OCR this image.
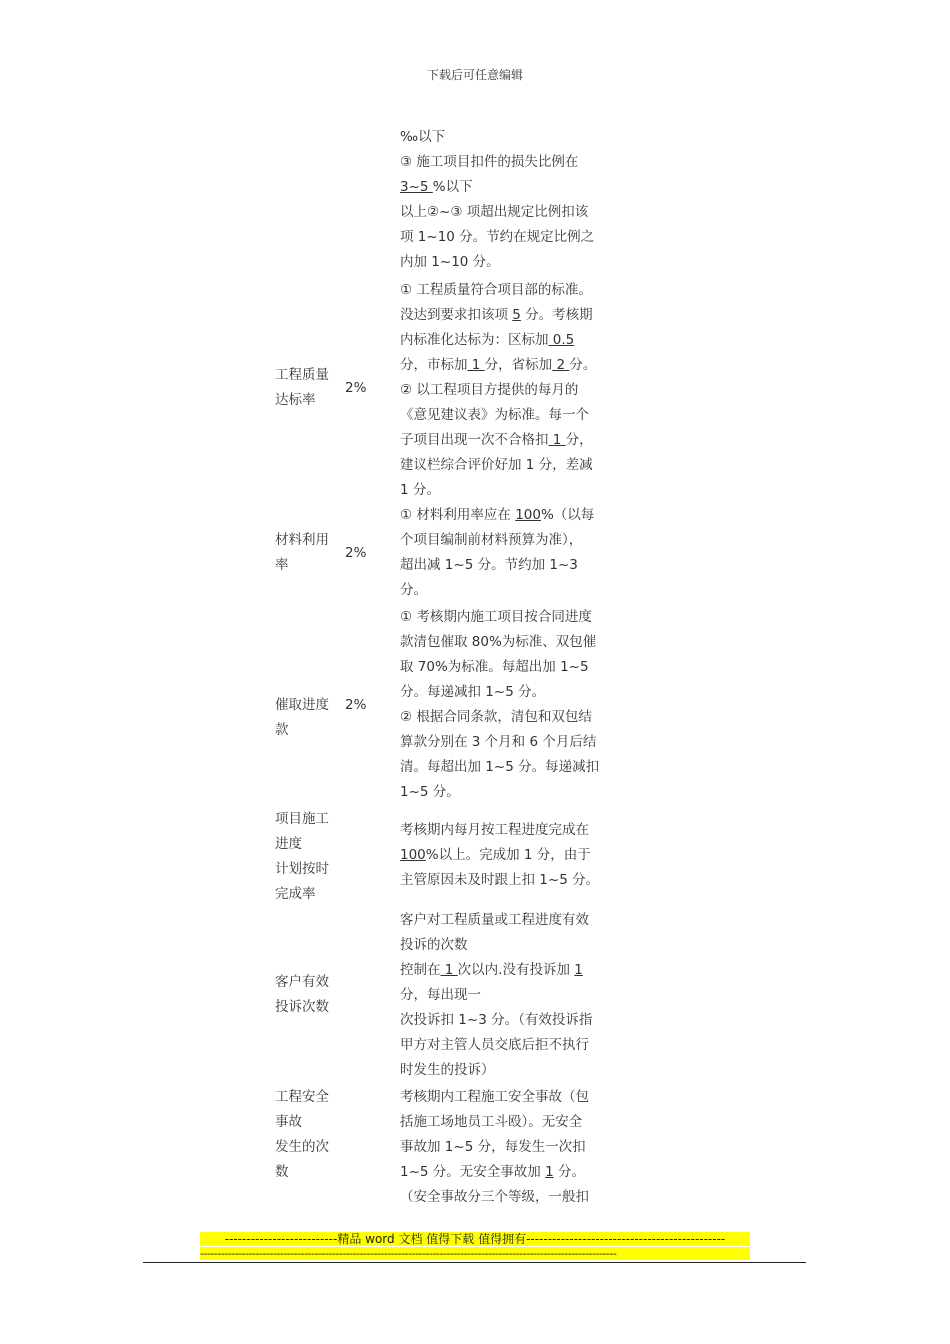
下载后可任意编辑
‰以下
③ 施工项目扣件的损失比例在
3~5 %以下
以上②~③ 项超出规定比例扣该
项 1~10 分。节约在规定比例之
内加 1~10 分。
工程质量
达标率
2%
① 工程质量符合项目部的标准。
没达到要求扣该项 5 分。考核期
内标准化达标为：区标加 0.5
分，市标加 1 分，省标加 2 分。
② 以工程项目方提供的每月的
《意见建议表》为标准。每一个
子项目出现一次不合格扣 1 分，
建议栏综合评价好加 1 分，差减
1 分。
材料利用
率
2%
① 材料利用率应在 100%（以每
个项目编制前材料预算为准），
超出减 1~5 分。节约加 1~3
分。
催取进度
款
2%
① 考核期内施工项目按合同进度
款清包催取 80%为标准、双包催
取 70%为标准。每超出加 1~5
分。每递减扣 1~5 分。
② 根据合同条款，清包和双包结
算款分别在 3 个月和 6 个月后结
清。每超出加 1~5 分。每递减扣
1~5 分。
项目施工
进度
计划按时
完成率
考核期内每月按工程进度完成在
100%以上。完成加 1 分，由于
主管原因未及时跟上扣 1~5 分。
客户有效
投诉次数
客户对工程质量或工程进度有效
投诉的次数
控制在 1 次以内.没有投诉加 1
分，每出现一
次投诉扣 1~3 分。（有效投诉指
甲方对主管人员交底后拒不执行
时发生的投诉）
工程安全
事故
发生的次
数
考核期内工程施工安全事故（包
括施工场地员工斗殴）。无安全
事故加 1~5 分，每发生一次扣
1~5 分。无安全事故加 1 分。
（安全事故分三个等级，一般扣
--------------------------精品 word 文档 值得下载 值得拥有----------------------------------------------
------------------------------------------------------------------------------------------------------------------------
